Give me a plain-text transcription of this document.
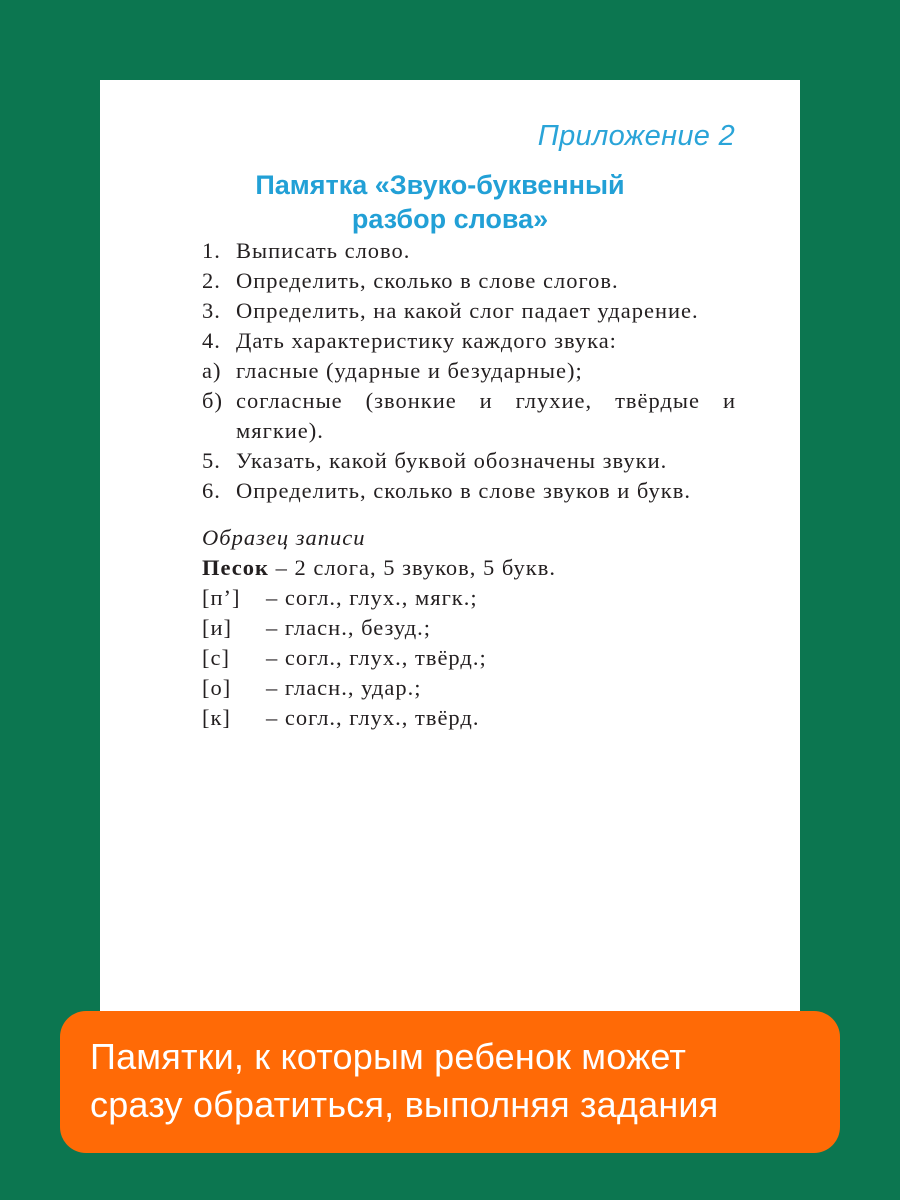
Приложение 2
Памятка «Звуко-буквенный
разбор слова»
1. Выписать слово.
2. Определить, сколько в слове слогов.
3. Определить, на какой слог падает ударение.
4. Дать характеристику каждого звука:
а) гласные (ударные и безударные);
б) согласные (звонкие и глухие, твёрдые и мягкие).
5. Указать, какой буквой обозначены звуки.
6. Определить, сколько в слове звуков и букв.
Образец записи
Песок – 2 слога, 5 звуков, 5 букв.
[п’]	– согл., глух., мягк.;
[и]	– гласн., безуд.;
[с]	– согл., глух., твёрд.;
[о]	– гласн., удар.;
[к]	– согл., глух., твёрд.
Памятки, к которым ребенок может
сразу обратиться, выполняя задания
